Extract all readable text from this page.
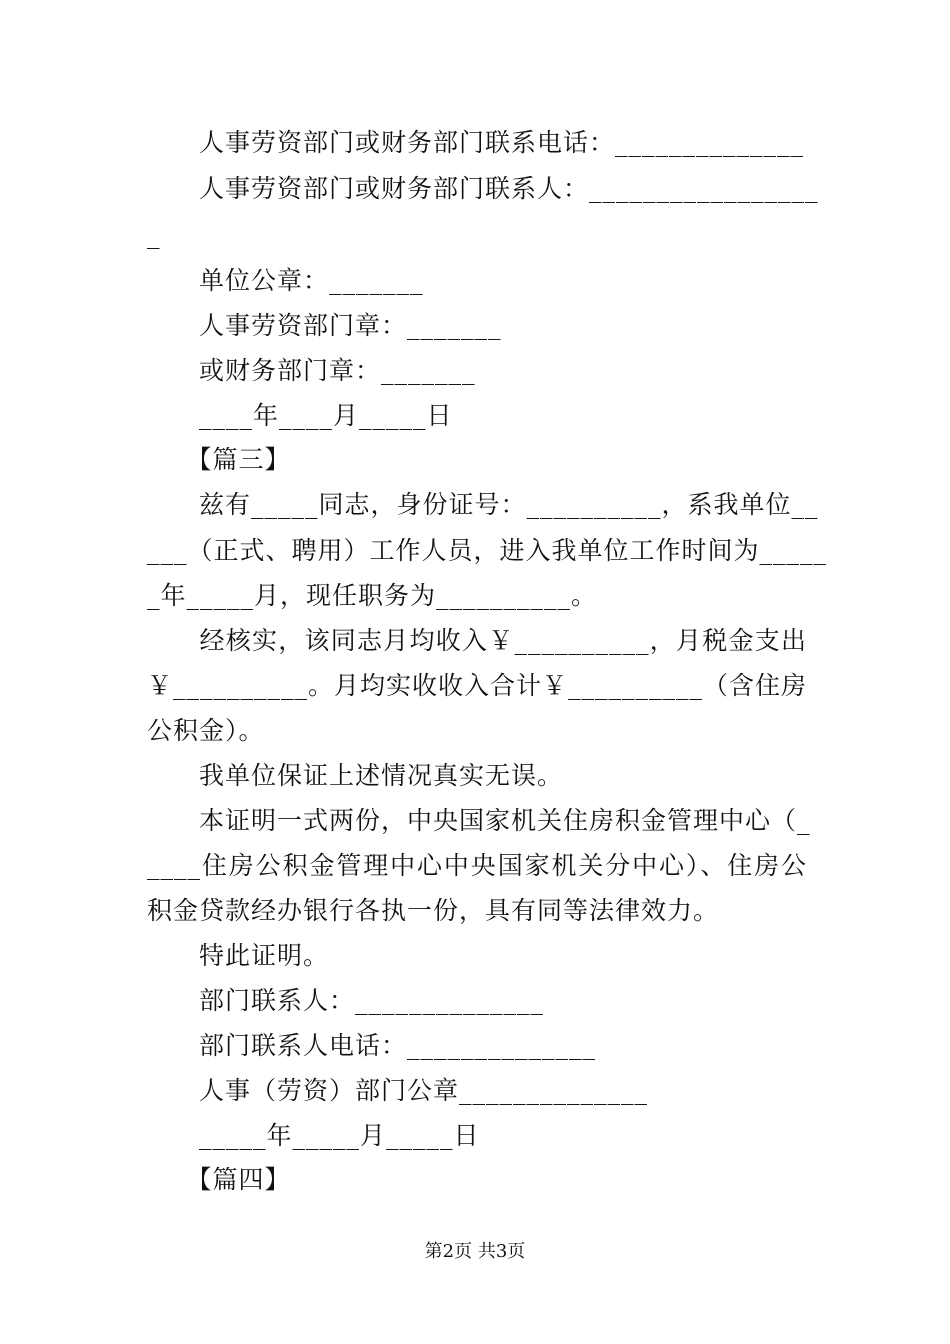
　　人事劳资部门或财务部门联系电话：______________
　　人事劳资部门或财务部门联系人：_________________
_
　　单位公章：_______
　　人事劳资部门章：_______
　　或财务部门章：_______
　　____年____月_____日
　　【篇三】
　　兹有_____同志，身份证号：__________，系我单位__
___（正式、聘用）工作人员，进入我单位工作时间为_____
_年_____月，现任职务为__________。
　　经核实，该同志月均收入￥__________，月税金支出
￥__________。月均实收收入合计￥__________（含住房
公积金）。
　　我单位保证上述情况真实无误。
　　本证明一式两份，中央国家机关住房积金管理中心（_
____住房公积金管理中心中央国家机关分中心）、住房公
积金贷款经办银行各执一份，具有同等法律效力。
　　特此证明。
　　部门联系人：______________
　　部门联系人电话：______________
　　人事（劳资）部门公章______________
　　_____年_____月_____日
　　【篇四】
第2页 共3页
